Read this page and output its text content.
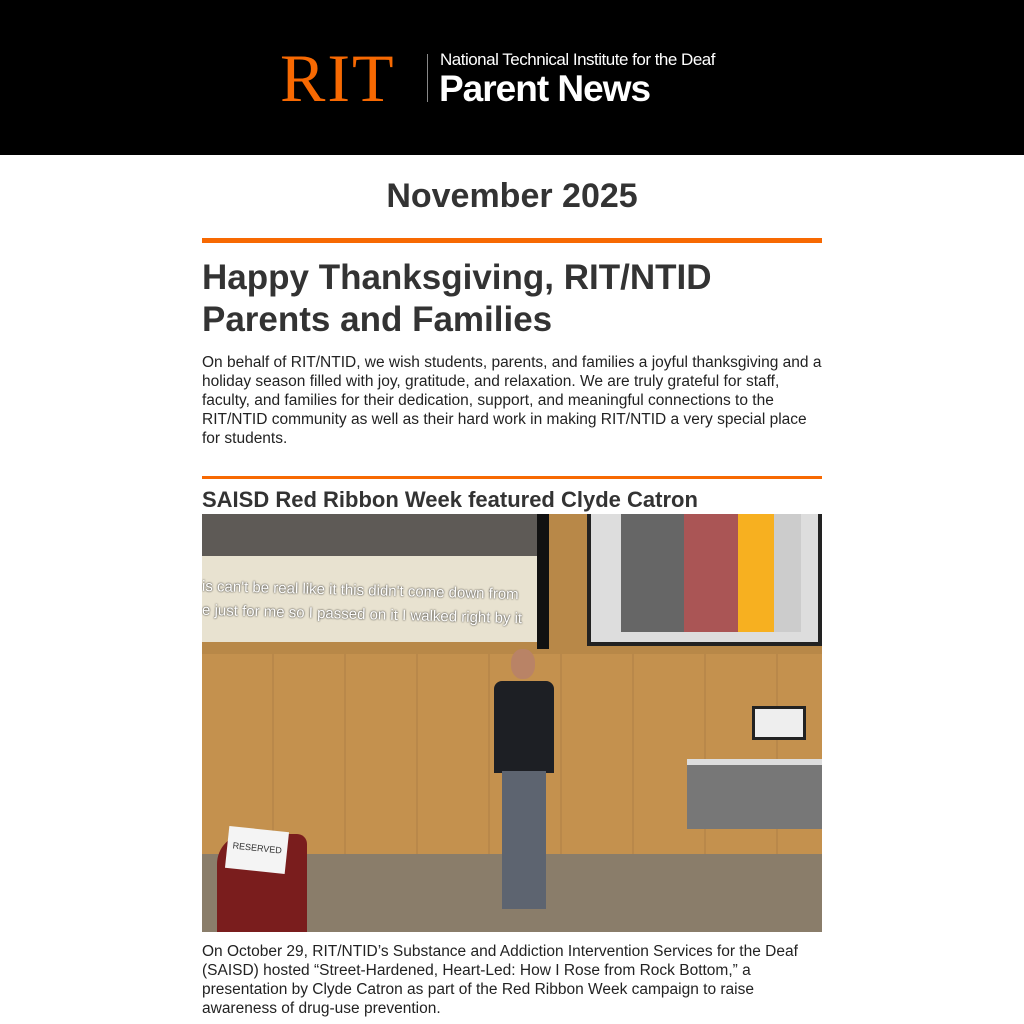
RIT	National Technical Institute for the Deaf
Parent News
November 2025
Happy Thanksgiving, RIT/NTID Parents and Families

On behalf of RIT/NTID, we wish students, parents, and families a joyful thanksgiving and a holiday season filled with joy, gratitude, and relaxation. We are truly grateful for staff, faculty, and families for their dedication, support, and meaningful connections to the RIT/NTID community as well as their hard work in making RIT/NTID a very special place for students.

SAISD Red Ribbon Week featured Clyde Catron
is can't be real like it this didn't come down from
e just for me so I passed on it I walked right by it
RESERVED

On October 29, RIT/NTID’s Substance and Addiction Intervention Services for the Deaf (SAISD) hosted “Street-Hardened, Heart-Led: How I Rose from Rock Bottom,” a presentation by Clyde Catron as part of the Red Ribbon Week campaign to raise awareness of drug-use prevention.
